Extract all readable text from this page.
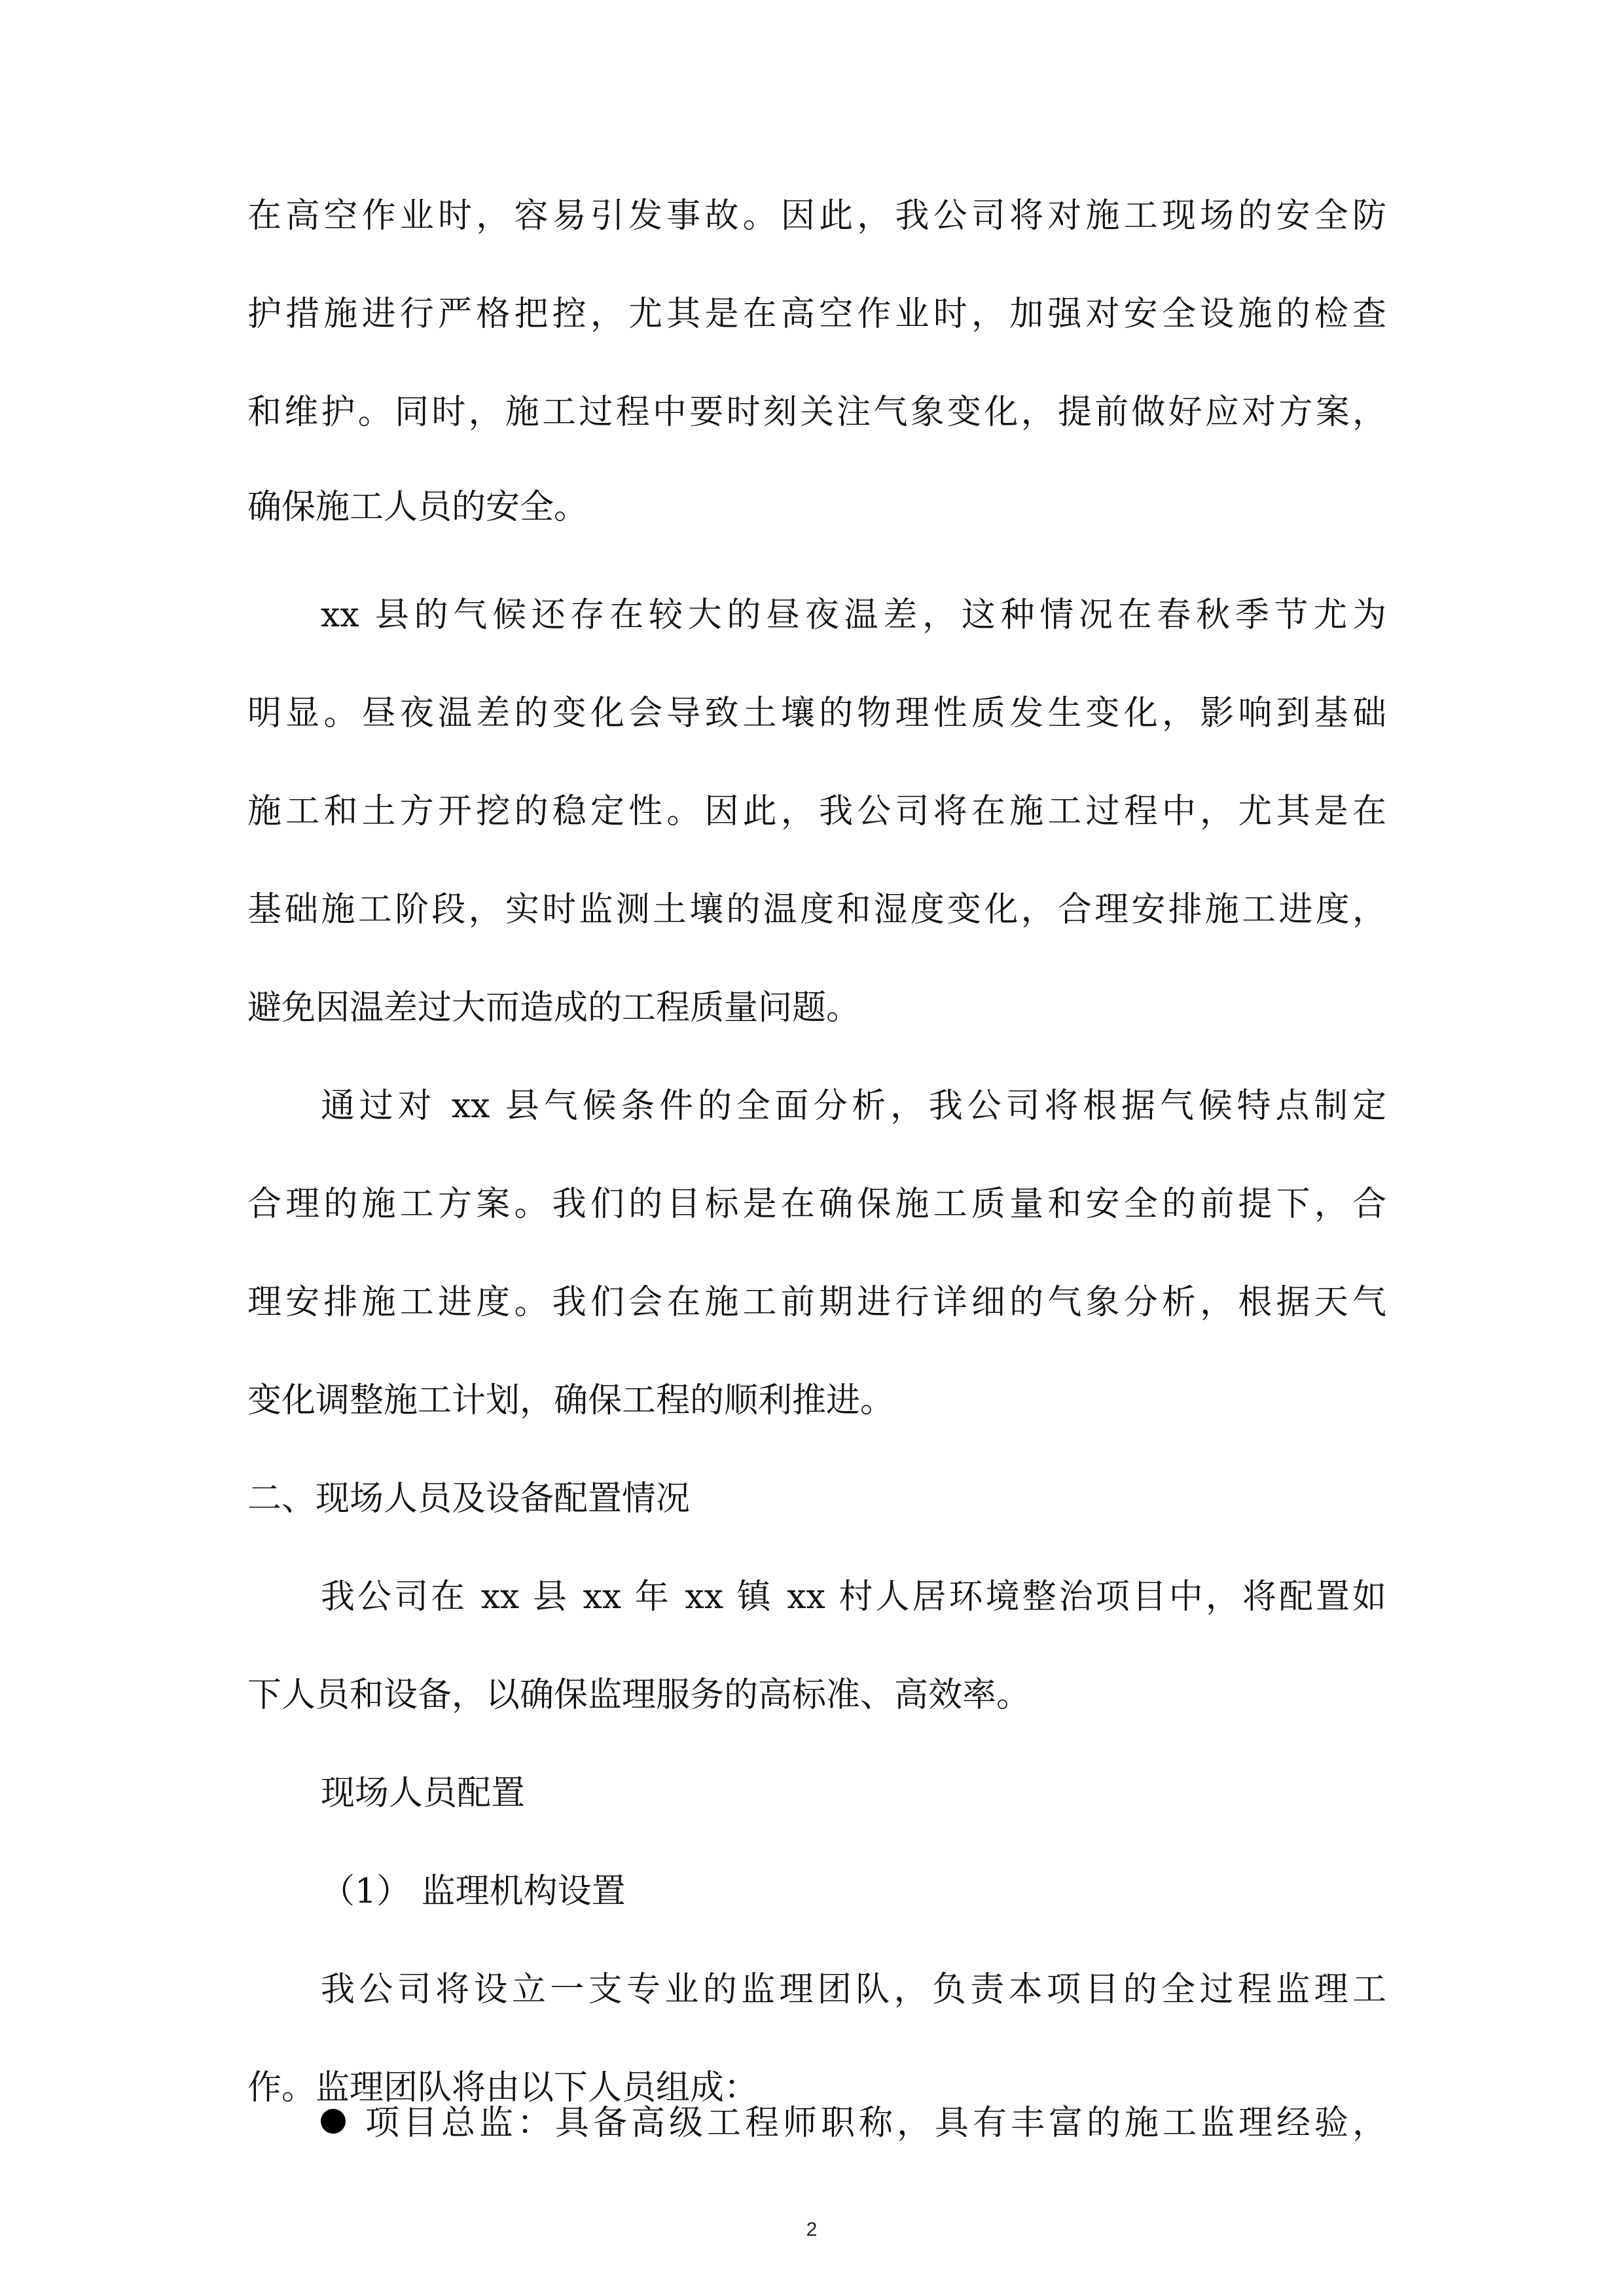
在高空作业时，容易引发事故。因此，我公司将对施工现场的安全防
护措施进行严格把控，尤其是在高空作业时，加强对安全设施的检查
和维护。同时，施工过程中要时刻关注气象变化，提前做好应对方案，
确保施工人员的安全。
xx 县的气候还存在较大的昼夜温差，这种情况在春秋季节尤为
明显。昼夜温差的变化会导致土壤的物理性质发生变化，影响到基础
施工和土方开挖的稳定性。因此，我公司将在施工过程中，尤其是在
基础施工阶段，实时监测土壤的温度和湿度变化，合理安排施工进度，
避免因温差过大而造成的工程质量问题。
通过对 xx 县气候条件的全面分析，我公司将根据气候特点制定
合理的施工方案。我们的目标是在确保施工质量和安全的前提下，合
理安排施工进度。我们会在施工前期进行详细的气象分析，根据天气
变化调整施工计划，确保工程的顺利推进。
二、现场人员及设备配置情况
我公司在 xx 县 xx 年 xx 镇 xx 村人居环境整治项目中，将配置如
下人员和设备，以确保监理服务的高标准、高效率。
现场人员配置
（1） 监理机构设置
我公司将设立一支专业的监理团队，负责本项目的全过程监理工
作。监理团队将由以下人员组成：
项目总监：具备高级工程师职称，具有丰富的施工监理经验，
2
